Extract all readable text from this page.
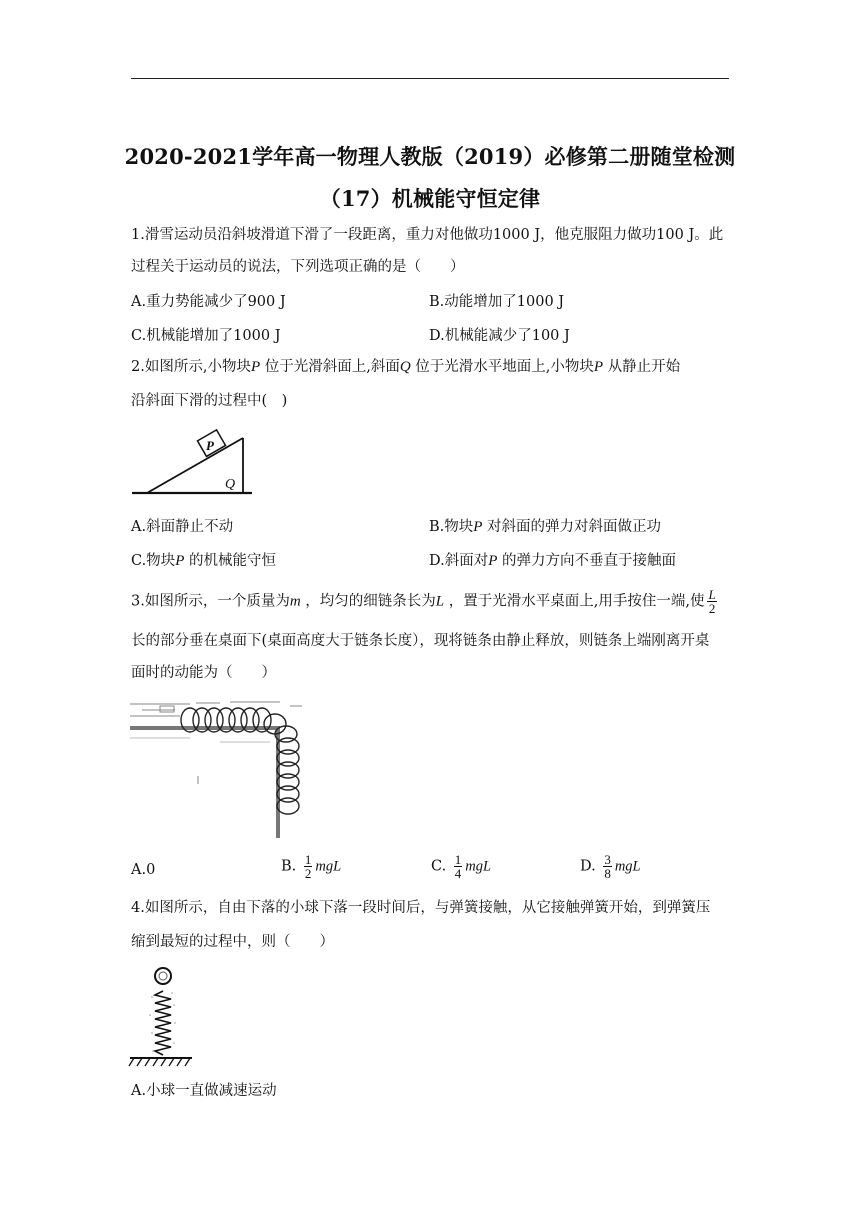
2020-2021学年高一物理人教版（2019）必修第二册随堂检测
（17）机械能守恒定律
1.滑雪运动员沿斜坡滑道下滑了一段距离，重力对他做功1000 J，他克服阻力做功100 J。此
过程关于运动员的说法，下列选项正确的是（　　）
A.重力势能减少了900 J	B.动能增加了1000 J
C.机械能增加了1000 J	D.机械能减少了100 J
2.如图所示,小物块P 位于光滑斜面上,斜面Q 位于光滑水平地面上,小物块P 从静止开始
沿斜面下滑的过程中(　)
P
Q
A.斜面静止不动	B.物块P 对斜面的弹力对斜面做正功
C.物块P 的机械能守恒	D.斜面对P 的弹力方向不垂直于接触面
3.如图所示，一个质量为m ，均匀的细链条长为L ，置于光滑水平桌面上,用手按住一端,使 $\frac{L}{2}$
长的部分垂在桌面下(桌面高度大于链条长度），现将链条由静止释放，则链条上端刚离开桌
面时的动能为（　　）
A.0	B. $\frac{1}{2}$ mgL	C. $\frac{1}{4}$ mgL	D. $\frac{3}{8}$ mgL
4.如图所示，自由下落的小球下落一段时间后，与弹簧接触，从它接触弹簧开始，到弹簧压
缩到最短的过程中，则（　　）
A.小球一直做减速运动
